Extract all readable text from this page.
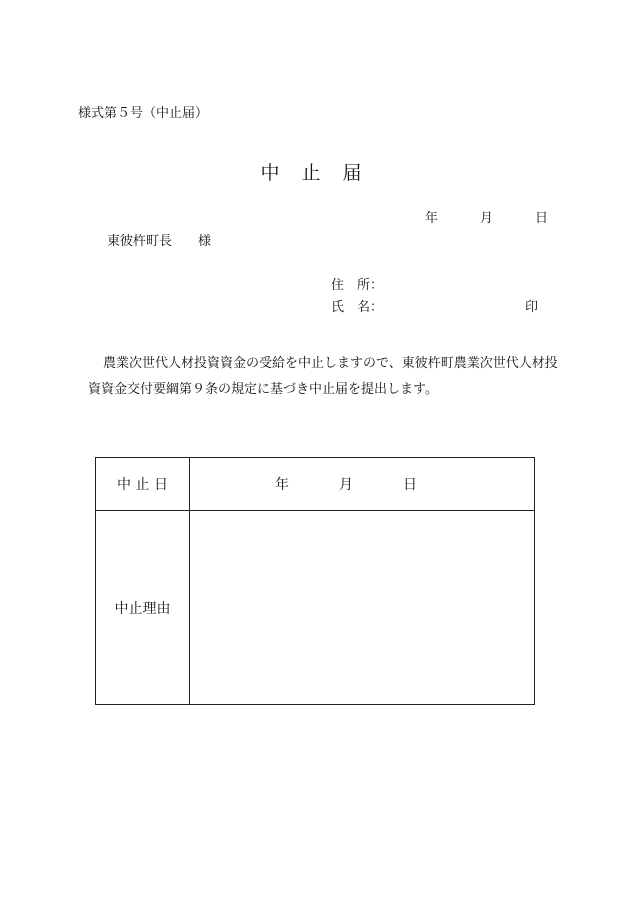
様式第５号（中止届）
中 止 届
年	月	日
東彼杵町長　　様
住　所：
氏　名：	印
農業次世代人材投資資金の受給を中止しますので、東彼杵町農業次世代人材投資資金交付要綱第９条の規定に基づき中止届を提出します。
中 止 日	年 月 日
中止理由	
